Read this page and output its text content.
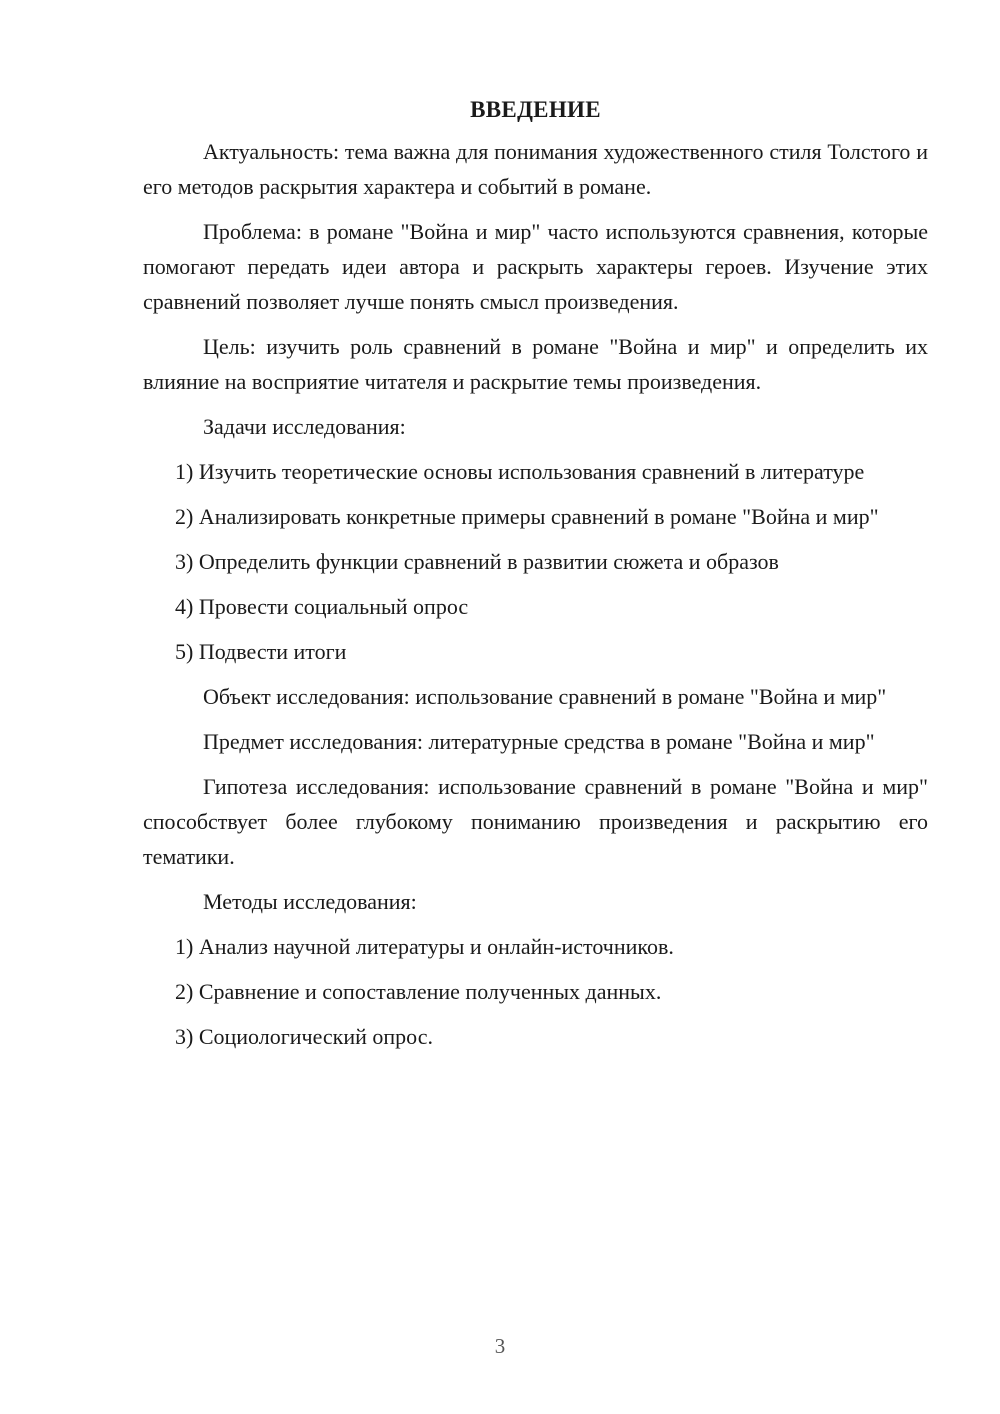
ВВЕДЕНИЕ

Актуальность: тема важна для понимания художественного стиля Толстого и его методов раскрытия характера и событий в романе.

Проблема: в романе "Война и мир" часто используются сравнения, которые помогают передать идеи автора и раскрыть характеры героев. Изучение этих сравнений позволяет лучше понять смысл произведения.

Цель: изучить роль сравнений в романе "Война и мир" и определить их влияние на восприятие читателя и раскрытие темы произведения.

Задачи исследования:

1) Изучить теоретические основы использования сравнений в литературе

2) Анализировать конкретные примеры сравнений в романе "Война и мир"

3) Определить функции сравнений в развитии сюжета и образов

4) Провести социальный опрос

5) Подвести итоги

Объект исследования: использование сравнений в романе "Война и мир"

Предмет исследования: литературные средства в романе "Война и мир"

Гипотеза исследования: использование сравнений в романе "Война и мир" способствует более глубокому пониманию произведения и раскрытию его тематики.

Методы исследования:

1) Анализ научной литературы и онлайн-источников.

2) Сравнение и сопоставление полученных данных.

3) Социологический опрос.

3
